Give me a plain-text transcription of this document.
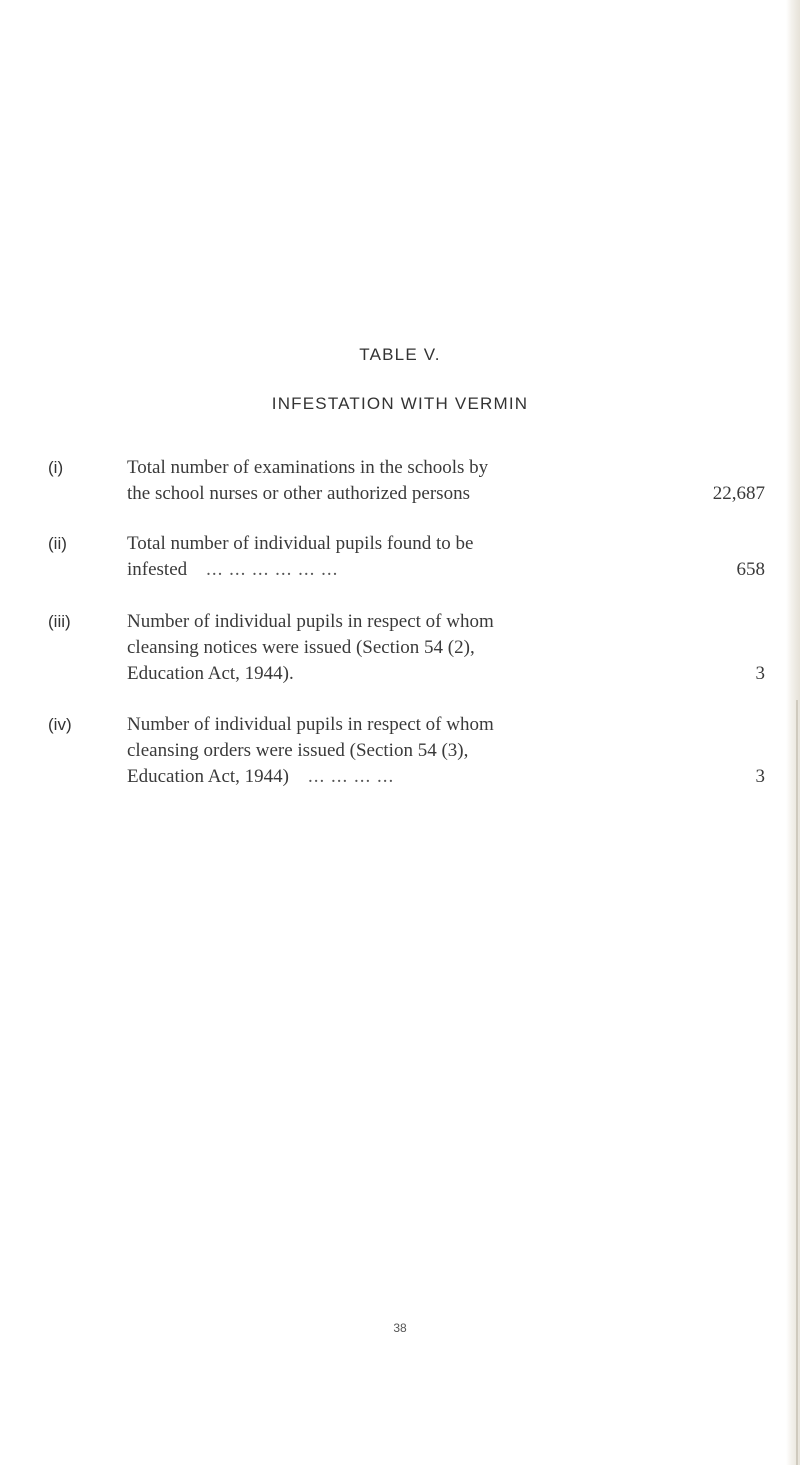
TABLE V.
INFESTATION WITH VERMIN
(i)	Total number of examinations in the schools by
the school nurses or other authorized persons	22,687
(ii)	Total number of individual pupils found to be
infested ... ... ... ... ... ...	658
(iii)	Number of individual pupils in respect of whom
cleansing notices were issued (Section 54 (2),
Education Act, 1944).	3
(iv)	Number of individual pupils in respect of whom
cleansing orders were issued (Section 54 (3),
Education Act, 1944) ... ... ... ...	3
38
